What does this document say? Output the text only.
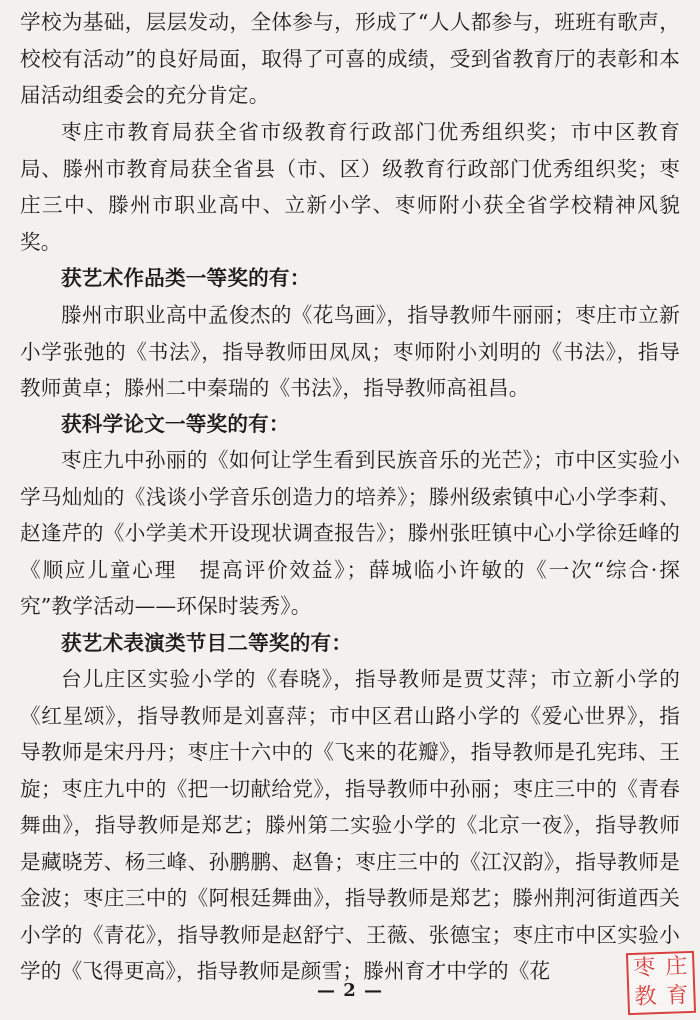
学校为基础，层层发动，全体参与，形成了“人人都参与，班班有歌声，校校有活动”的良好局面，取得了可喜的成绩，受到省教育厅的表彰和本届活动组委会的充分肯定。
枣庄市教育局获全省市级教育行政部门优秀组织奖；市中区教育局、滕州市教育局获全省县（市、区）级教育行政部门优秀组织奖；枣庄三中、滕州市职业高中、立新小学、枣师附小获全省学校精神风貌奖。
获艺术作品类一等奖的有：
滕州市职业高中孟俊杰的《花鸟画》，指导教师牛丽丽；枣庄市立新小学张弛的《书法》，指导教师田凤凤；枣师附小刘明的《书法》，指导教师黄卓；滕州二中秦瑞的《书法》，指导教师高祖昌。
获科学论文一等奖的有：
枣庄九中孙丽的《如何让学生看到民族音乐的光芒》；市中区实验小学马灿灿的《浅谈小学音乐创造力的培养》；滕州级索镇中心小学李莉、赵逢芹的《小学美术开设现状调查报告》；滕州张旺镇中心小学徐廷峰的《顺应儿童心理　提高评价效益》；薛城临小许敏的《一次“综合·探究”教学活动——环保时装秀》。
获艺术表演类节目二等奖的有：
台儿庄区实验小学的《春晓》，指导教师是贾艾萍；市立新小学的《红星颂》，指导教师是刘喜萍；市中区君山路小学的《爱心世界》，指导教师是宋丹丹；枣庄十六中的《飞来的花瓣》，指导教师是孔宪玮、王旋；枣庄九中的《把一切献给党》，指导教师中孙丽；枣庄三中的《青春舞曲》，指导教师是郑艺；滕州第二实验小学的《北京一夜》，指导教师是藏晓芳、杨三峰、孙鹏鹏、赵鲁；枣庄三中的《江汉韵》，指导教师是金波；枣庄三中的《阿根廷舞曲》，指导教师是郑艺；滕州荆河街道西关小学的《青花》，指导教师是赵舒宁、王薇、张德宝；枣庄市中区实验小学的《飞得更高》，指导教师是颜雪；滕州育才中学的《花
— 2 —
枣 庄
教 育
